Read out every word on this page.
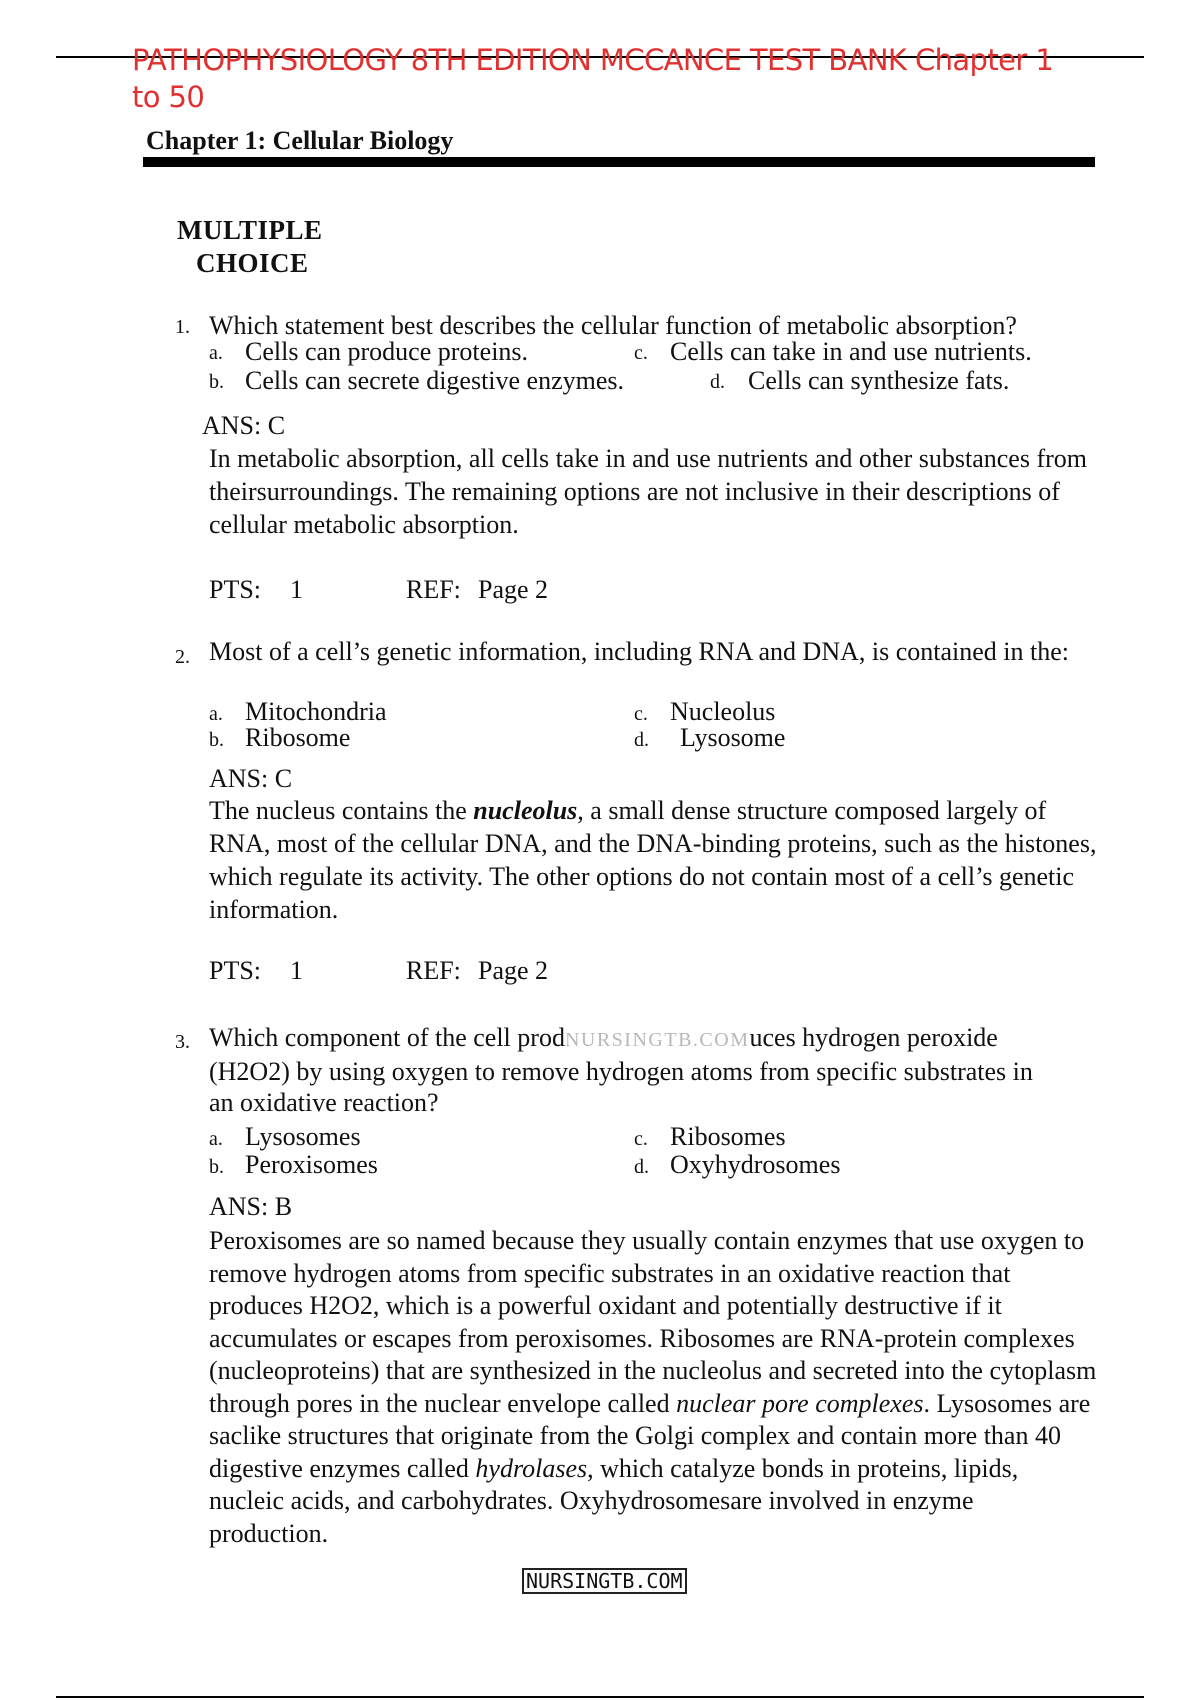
PATHOPHYSIOLOGY 8TH EDITION MCCANCE TEST BANK Chapter 1 to 50
Chapter 1: Cellular Biology
MULTIPLE
CHOICE
1. Which statement best describes the cellular function of metabolic absorption?
a. Cells can produce proteins.
b. Cells can secrete digestive enzymes.
c. Cells can take in and use nutrients.
d. Cells can synthesize fats.
ANS: C
In metabolic absorption, all cells take in and use nutrients and other substances from theirsurroundings. The remaining options are not inclusive in their descriptions of cellular metabolic absorption.
PTS: 1	REF: Page 2
2. Most of a cell’s genetic information, including RNA and DNA, is contained in the:
a. Mitochondria
b. Ribosome
c. Nucleolus
d. Lysosome
ANS: C
The nucleus contains the nucleolus, a small dense structure composed largely of RNA, most of the cellular DNA, and the DNA-binding proteins, such as the histones, which regulate its activity. The other options do not contain most of a cell’s genetic information.
PTS: 1	REF: Page 2
3. Which component of the cell prodNURSINGTB.COMuces hydrogen peroxide (H2O2) by using oxygen to remove hydrogen atoms from specific substrates in an oxidative reaction?
a. Lysosomes
b. Peroxisomes
c. Ribosomes
d. Oxyhydrosomes
ANS: B
Peroxisomes are so named because they usually contain enzymes that use oxygen to remove hydrogen atoms from specific substrates in an oxidative reaction that produces H2O2, which is a powerful oxidant and potentially destructive if it accumulates or escapes from peroxisomes. Ribosomes are RNA-protein complexes (nucleoproteins) that are synthesized in the nucleolus and secreted into the cytoplasm through pores in the nuclear envelope called nuclear pore complexes. Lysosomes are saclike structures that originate from the Golgi complex and contain more than 40 digestive enzymes called hydrolases, which catalyze bonds in proteins, lipids, nucleic acids, and carbohydrates. Oxyhydrosomesare involved in enzyme production.
NURSINGTB.COM
